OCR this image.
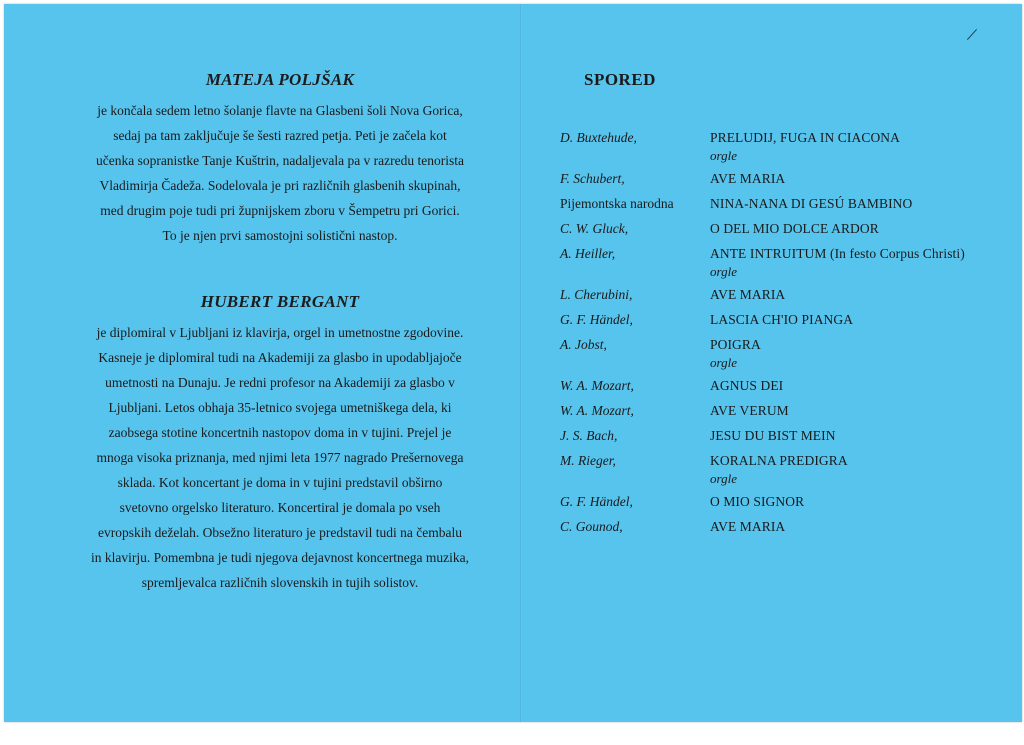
MATEJA POLJŠAK

je končala sedem letno šolanje flavte na Glasbeni šoli Nova Gorica,
sedaj pa tam zaključuje še šesti razred petja. Peti je začela kot
učenka sopranistke Tanje Kuštrin, nadaljevala pa v razredu tenorista
Vladimirja Čadeža. Sodelovala je pri različnih glasbenih skupinah,
med drugim poje tudi pri župnijskem zboru v Šempetru pri Gorici.
To je njen prvi samostojni solistični nastop.

HUBERT BERGANT

je diplomiral v Ljubljani iz klavirja, orgel in umetnostne zgodovine.
Kasneje je diplomiral tudi na Akademiji za glasbo in upodabljajoče
umetnosti na Dunaju. Je redni profesor na Akademiji za glasbo v
Ljubljani. Letos obhaja 35-letnico svojega umetniškega dela, ki
zaobsega stotine koncertnih nastopov doma in v tujini. Prejel je
mnoga visoka priznanja, med njimi leta 1977 nagrado Prešernovega
sklada. Kot koncertant je doma in v tujini predstavil obširno
svetovno orgelsko literaturo. Koncertiral je domala po vseh
evropskih deželah. Obsežno literaturo je predstavil tudi na čembalu
in klavirju. Pomembna je tudi njegova dejavnost koncertnega muzika,
spremljevalca različnih slovenskih in tujih solistov.

SPORED
D. Buxtehude,	PRELUDIJ, FUGA IN CIACONA
orgle

F. Schubert,	AVE MARIA

Pijemontska narodna	NINA-NANA DI GESÚ BAMBINO

C. W. Gluck,	O DEL MIO DOLCE ARDOR

A. Heiller,	ANTE INTRUITUM (In festo Corpus Christi)
orgle

L. Cherubini,	AVE MARIA

G. F. Händel,	LASCIA CH'IO PIANGA

A. Jobst,	POIGRA
orgle

W. A. Mozart,	AGNUS DEI

W. A. Mozart,	AVE VERUM

J. S. Bach,	JESU DU BIST MEIN

M. Rieger,	KORALNA PREDIGRA
orgle

G. F. Händel,	O MIO SIGNOR

C. Gounod,	AVE MARIA
